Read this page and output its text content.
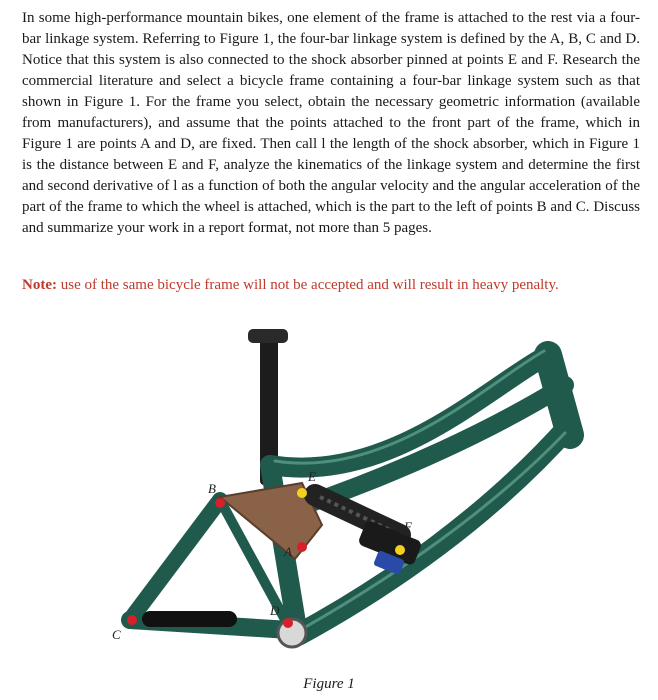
In some high-performance mountain bikes, one element of the frame is attached to the rest via a four-bar linkage system. Referring to Figure 1, the four-bar linkage system is defined by the A, B, C and D. Notice that this system is also connected to the shock absorber pinned at points E and F. Research the commercial literature and select a bicycle frame containing a four-bar linkage system such as that shown in Figure 1. For the frame you select, obtain the necessary geometric information (available from manufacturers), and assume that the points attached to the front part of the frame, which in Figure 1 are points A and D, are fixed. Then call l the length of the shock absorber, which in Figure 1 is the distance between E and F, analyze the kinematics of the linkage system and determine the first and second derivative of l as a function of both the angular velocity and the angular acceleration of the part of the frame to which the wheel is attached, which is the part to the left of points B and C. Discuss and summarize your work in a report format, not more than 5 pages.

Note: use of the same bicycle frame will not be accepted and will result in heavy penalty.

B
E
A
F
D
C
Figure 1
